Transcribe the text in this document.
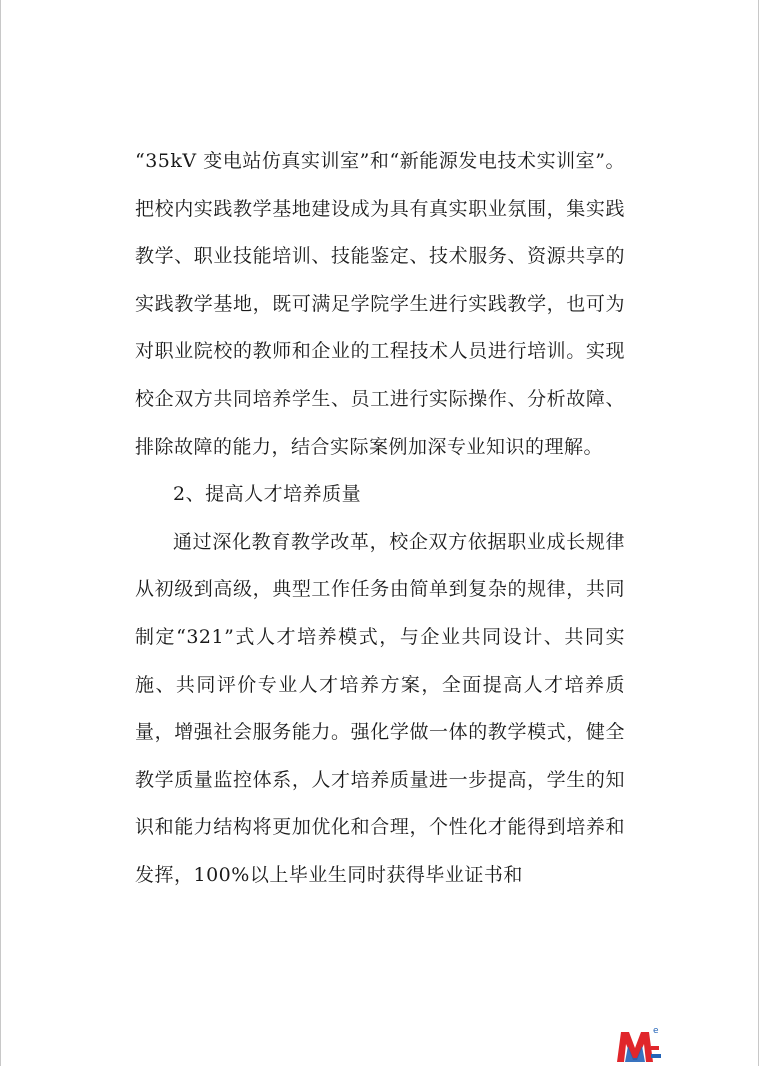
“35kV 变电站仿真实训室”和“新能源发电技术实训室”。把校内实践教学基地建设成为具有真实职业氛围，集实践教学、职业技能培训、技能鉴定、技术服务、资源共享的实践教学基地，既可满足学院学生进行实践教学，也可为对职业院校的教师和企业的工程技术人员进行培训。实现校企双方共同培养学生、员工进行实际操作、分析故障、排除故障的能力，结合实际案例加深专业知识的理解。

2、提高人才培养质量

通过深化教育教学改革，校企双方依据职业成长规律从初级到高级，典型工作任务由简单到复杂的规律，共同制定“321”式人才培养模式，与企业共同设计、共同实施、共同评价专业人才培养方案，全面提高人才培养质量，增强社会服务能力。强化学做一体的教学模式，健全教学质量监控体系，人才培养质量进一步提高，学生的知识和能力结构将更加优化和合理，个性化才能得到培养和发挥，100%以上毕业生同时获得毕业证书和

e
